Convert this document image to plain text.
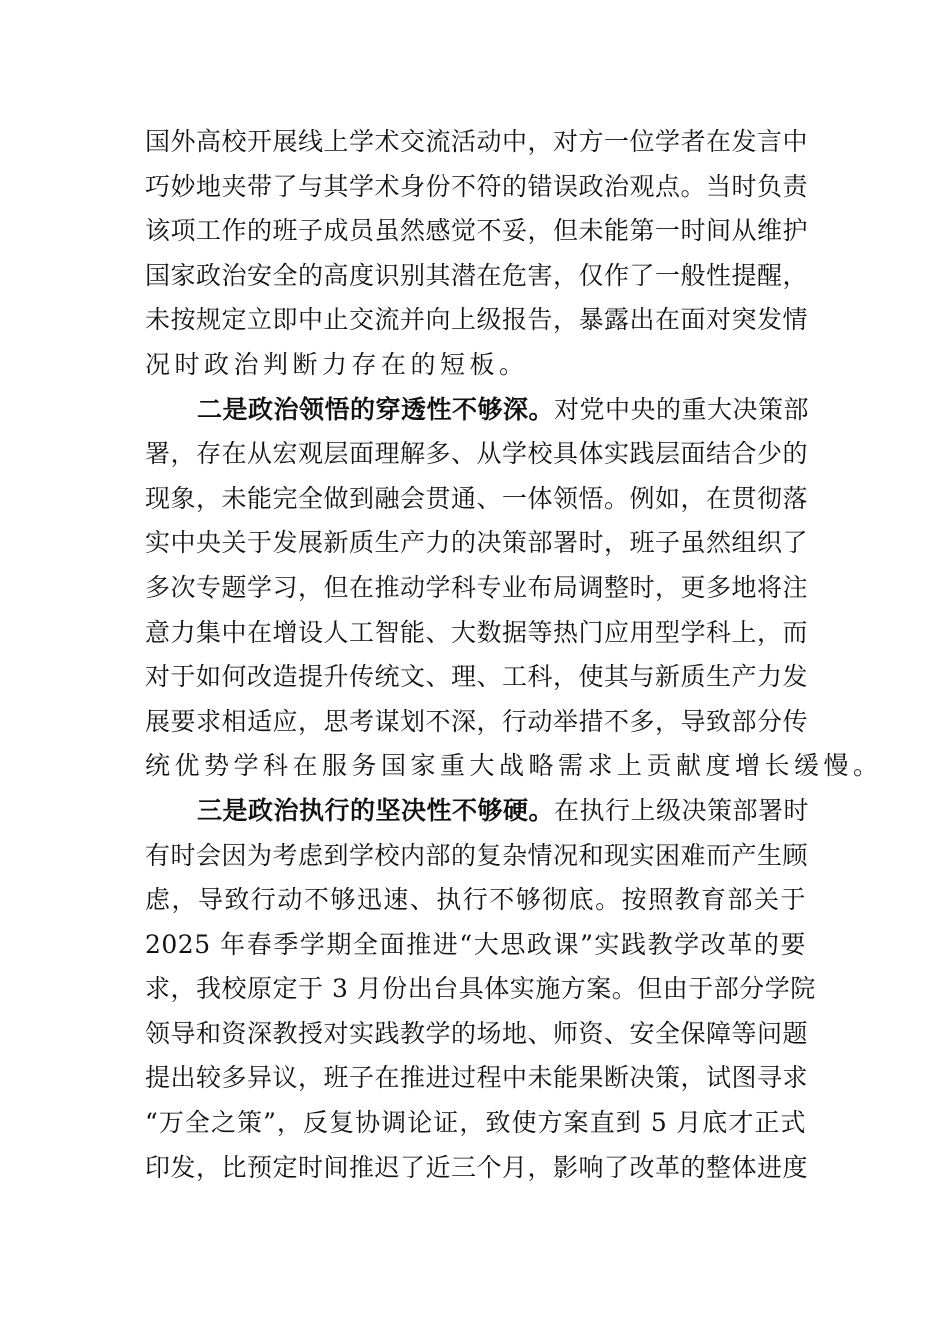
国外高校开展线上学术交流活动中，对方一位学者在发言中
巧妙地夹带了与其学术身份不符的错误政治观点。当时负责
该项工作的班子成员虽然感觉不妥，但未能第一时间从维护
国家政治安全的高度识别其潜在危害，仅作了一般性提醒，
未按规定立即中止交流并向上级报告，暴露出在面对突发情
况时政治判断力存在的短板。
二是政治领悟的穿透性不够深。对党中央的重大决策部
署，存在从宏观层面理解多、从学校具体实践层面结合少的
现象，未能完全做到融会贯通、一体领悟。例如，在贯彻落
实中央关于发展新质生产力的决策部署时，班子虽然组织了
多次专题学习，但在推动学科专业布局调整时，更多地将注
意力集中在增设人工智能、大数据等热门应用型学科上，而
对于如何改造提升传统文、理、工科，使其与新质生产力发
展要求相适应，思考谋划不深，行动举措不多，导致部分传
统优势学科在服务国家重大战略需求上贡献度增长缓慢。
三是政治执行的坚决性不够硬。在执行上级决策部署时
有时会因为考虑到学校内部的复杂情况和现实困难而产生顾
虑，导致行动不够迅速、执行不够彻底。按照教育部关于
2025 年春季学期全面推进“大思政课”实践教学改革的要
求，我校原定于 3 月份出台具体实施方案。但由于部分学院
领导和资深教授对实践教学的场地、师资、安全保障等问题
提出较多异议，班子在推进过程中未能果断决策，试图寻求
“万全之策”，反复协调论证，致使方案直到 5 月底才正式
印发，比预定时间推迟了近三个月，影响了改革的整体进度
